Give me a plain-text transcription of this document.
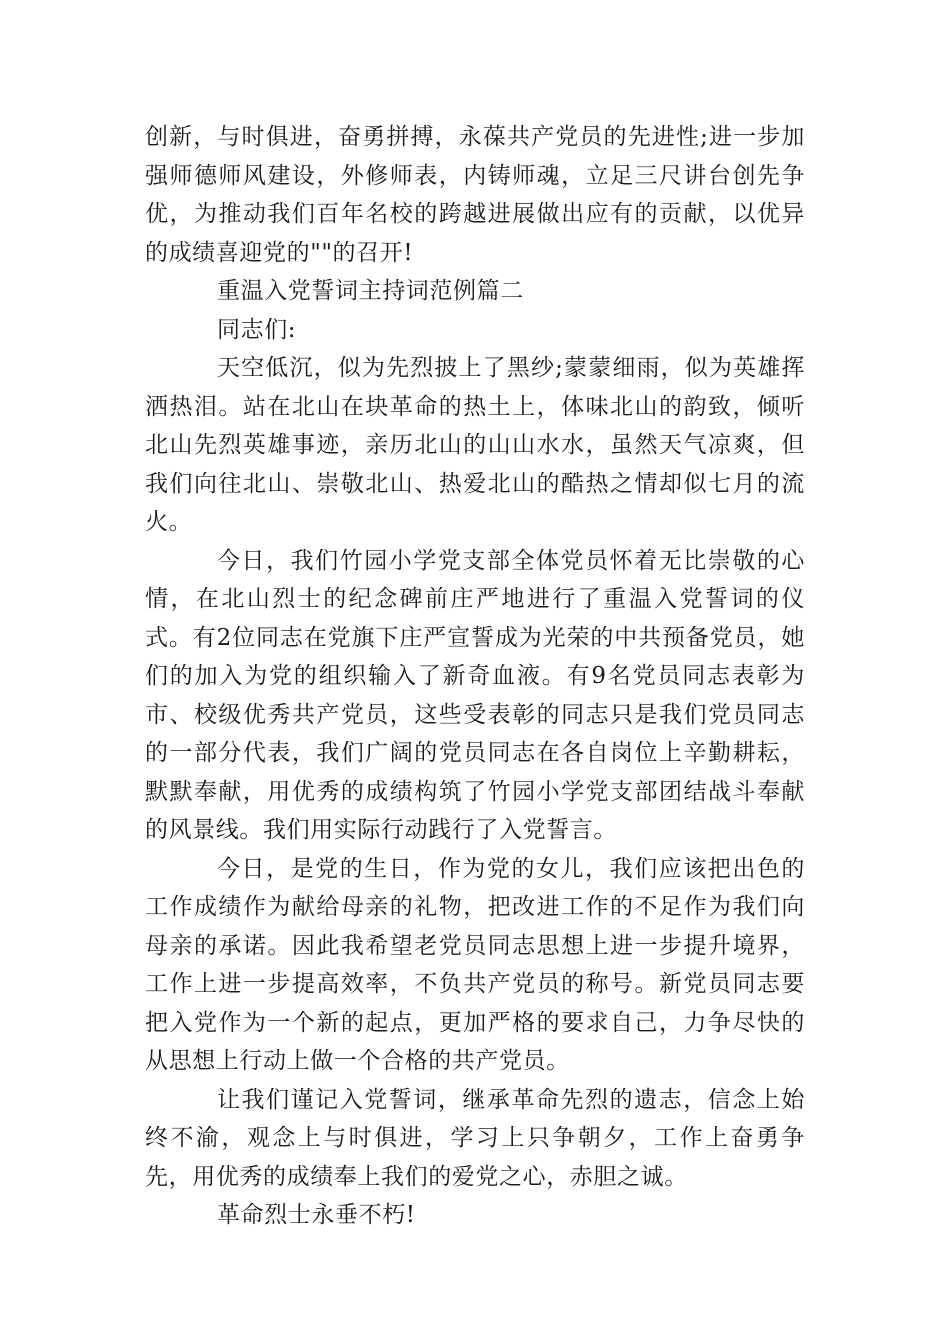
创新，与时俱进，奋勇拼搏，永葆共产党员的先进性;进一步加强师德师风建设，外修师表，内铸师魂，立足三尺讲台创先争优，为推动我们百年名校的跨越进展做出应有的贡献，以优异的成绩喜迎党的""的召开!

重温入党誓词主持词范例篇二

同志们:

天空低沉，似为先烈披上了黑纱;蒙蒙细雨，似为英雄挥洒热泪。站在北山在块革命的热土上，体味北山的韵致，倾听北山先烈英雄事迹，亲历北山的山山水水，虽然天气凉爽，但我们向往北山、崇敬北山、热爱北山的酷热之情却似七月的流火。

今日，我们竹园小学党支部全体党员怀着无比崇敬的心情，在北山烈士的纪念碑前庄严地进行了重温入党誓词的仪式。有2位同志在党旗下庄严宣誓成为光荣的中共预备党员，她们的加入为党的组织输入了新奇血液。有9名党员同志表彰为市、校级优秀共产党员，这些受表彰的同志只是我们党员同志的一部分代表，我们广阔的党员同志在各自岗位上辛勤耕耘，默默奉献，用优秀的成绩构筑了竹园小学党支部团结战斗奉献的风景线。我们用实际行动践行了入党誓言。

今日，是党的生日，作为党的女儿，我们应该把出色的工作成绩作为献给母亲的礼物，把改进工作的不足作为我们向母亲的承诺。因此我希望老党员同志思想上进一步提升境界，工作上进一步提高效率，不负共产党员的称号。新党员同志要把入党作为一个新的起点，更加严格的要求自己，力争尽快的从思想上行动上做一个合格的共产党员。

让我们谨记入党誓词，继承革命先烈的遗志，信念上始终不渝，观念上与时俱进，学习上只争朝夕，工作上奋勇争先，用优秀的成绩奉上我们的爱党之心，赤胆之诚。

革命烈士永垂不朽!
